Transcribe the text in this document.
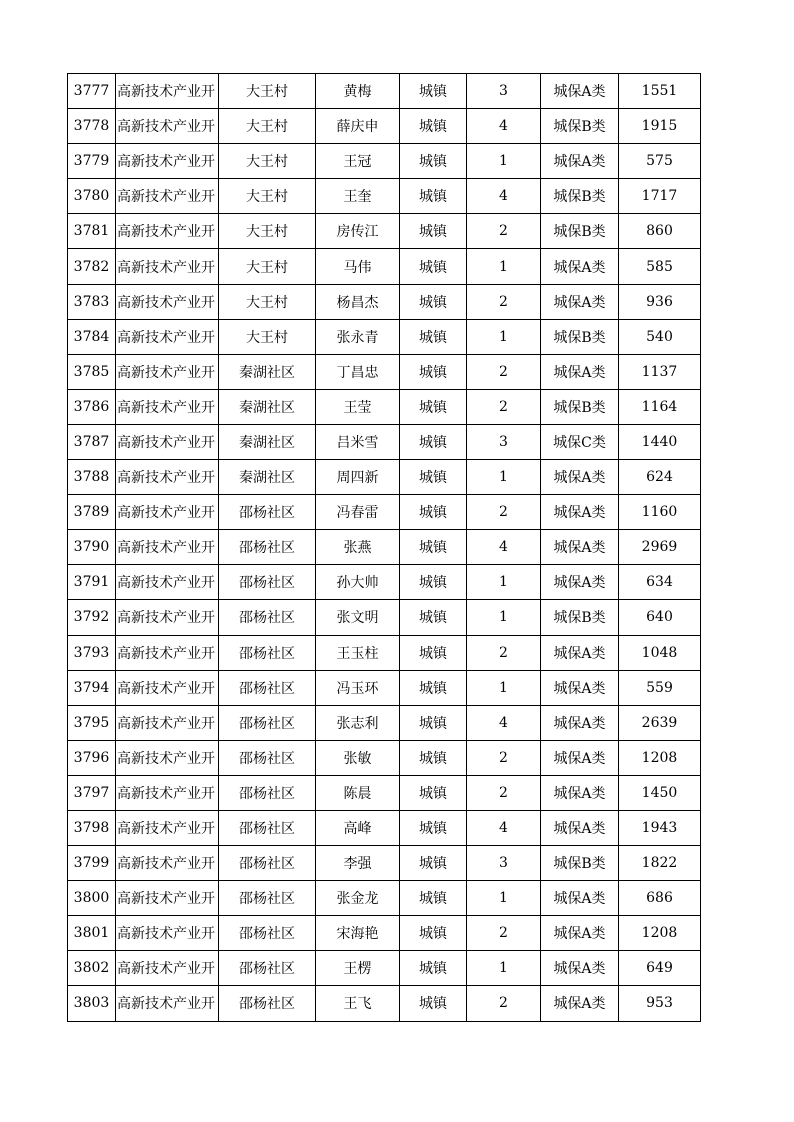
3777	高新技术产业开	大王村	黄梅	城镇	3	城保A类	1551
3778	高新技术产业开	大王村	薛庆申	城镇	4	城保B类	1915
3779	高新技术产业开	大王村	王冠	城镇	1	城保A类	575
3780	高新技术产业开	大王村	王奎	城镇	4	城保B类	1717
3781	高新技术产业开	大王村	房传江	城镇	2	城保B类	860
3782	高新技术产业开	大王村	马伟	城镇	1	城保A类	585
3783	高新技术产业开	大王村	杨昌杰	城镇	2	城保A类	936
3784	高新技术产业开	大王村	张永青	城镇	1	城保B类	540
3785	高新技术产业开	秦湖社区	丁昌忠	城镇	2	城保A类	1137
3786	高新技术产业开	秦湖社区	王莹	城镇	2	城保B类	1164
3787	高新技术产业开	秦湖社区	吕米雪	城镇	3	城保C类	1440
3788	高新技术产业开	秦湖社区	周四新	城镇	1	城保A类	624
3789	高新技术产业开	邵杨社区	冯春雷	城镇	2	城保A类	1160
3790	高新技术产业开	邵杨社区	张燕	城镇	4	城保A类	2969
3791	高新技术产业开	邵杨社区	孙大帅	城镇	1	城保A类	634
3792	高新技术产业开	邵杨社区	张文明	城镇	1	城保B类	640
3793	高新技术产业开	邵杨社区	王玉柱	城镇	2	城保A类	1048
3794	高新技术产业开	邵杨社区	冯玉环	城镇	1	城保A类	559
3795	高新技术产业开	邵杨社区	张志利	城镇	4	城保A类	2639
3796	高新技术产业开	邵杨社区	张敏	城镇	2	城保A类	1208
3797	高新技术产业开	邵杨社区	陈晨	城镇	2	城保A类	1450
3798	高新技术产业开	邵杨社区	高峰	城镇	4	城保A类	1943
3799	高新技术产业开	邵杨社区	李强	城镇	3	城保B类	1822
3800	高新技术产业开	邵杨社区	张金龙	城镇	1	城保A类	686
3801	高新技术产业开	邵杨社区	宋海艳	城镇	2	城保A类	1208
3802	高新技术产业开	邵杨社区	王楞	城镇	1	城保A类	649
3803	高新技术产业开	邵杨社区	王飞	城镇	2	城保A类	953
